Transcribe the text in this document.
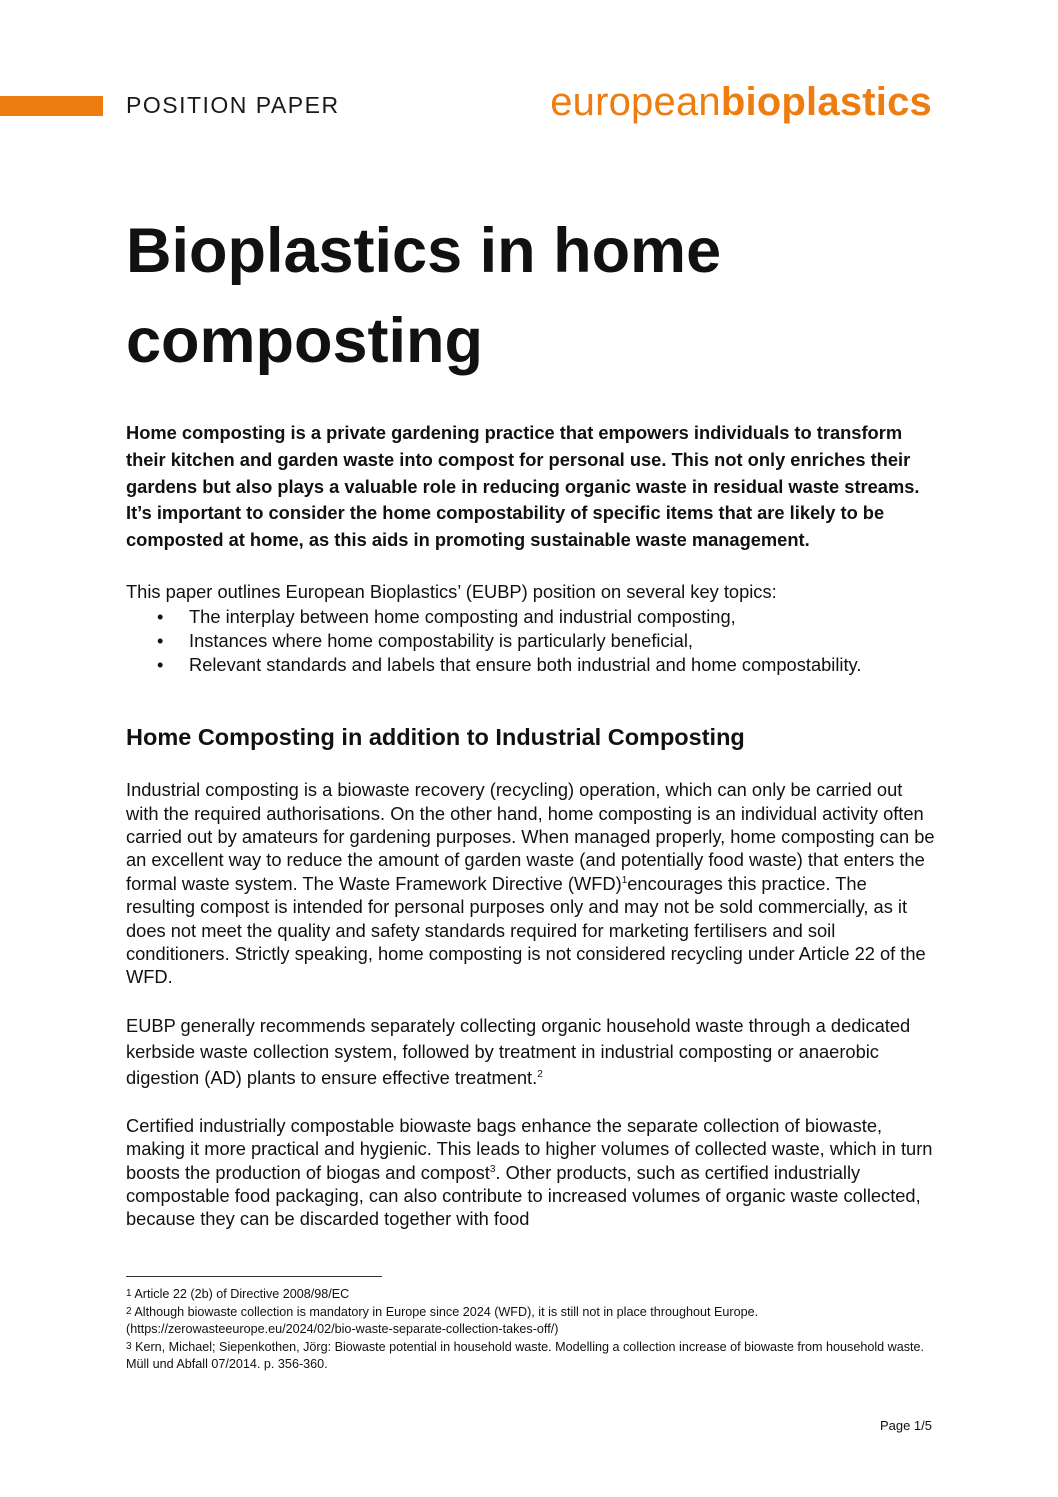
POSITION PAPER	europeanbioplastics
Bioplastics in home
composting

Home composting is a private gardening practice that empowers individuals to transform their kitchen and garden waste into compost for personal use. This not only enriches their gardens but also plays a valuable role in reducing organic waste in residual waste streams. It’s important to consider the home compostability of specific items that are likely to be composted at home, as this aids in promoting sustainable waste management.

This paper outlines European Bioplastics’ (EUBP) position on several key topics:

• The interplay between home composting and industrial composting,
• Instances where home compostability is particularly beneficial,
• Relevant standards and labels that ensure both industrial and home compostability.
Home Composting in addition to Industrial Composting

Industrial composting is a biowaste recovery (recycling) operation, which can only be carried out with the required authorisations. On the other hand, home composting is an individual activity often carried out by amateurs for gardening purposes. When managed properly, home composting can be an excellent way to reduce the amount of garden waste (and potentially food waste) that enters the formal waste system. The Waste Framework Directive (WFD)$^1$encourages this practice. The resulting compost is intended for personal purposes only and may not be sold commercially, as it does not meet the quality and safety standards required for marketing fertilisers and soil conditioners. Strictly speaking, home composting is not considered recycling under Article 22 of the WFD.

EUBP generally recommends separately collecting organic household waste through a dedicated kerbside waste collection system, followed by treatment in industrial composting or anaerobic digestion (AD) plants to ensure effective treatment.$^2$

Certified industrially compostable biowaste bags enhance the separate collection of biowaste, making it more practical and hygienic. This leads to higher volumes of collected waste, which in turn boosts the production of biogas and compost$^3$. Other products, such as certified industrially compostable food packaging, can also contribute to increased volumes of organic waste collected, because they can be discarded together with food

1 Article 22 (2b) of Directive 2008/98/EC
2 Although biowaste collection is mandatory in Europe since 2024 (WFD), it is still not in place throughout Europe. (https://zerowasteeurope.eu/2024/02/bio-waste-separate-collection-takes-off/)
3 Kern, Michael; Siepenkothen, Jörg: Biowaste potential in household waste. Modelling a collection increase of biowaste from household waste. Müll und Abfall 07/2014. p. 356-360.
Page 1/5
